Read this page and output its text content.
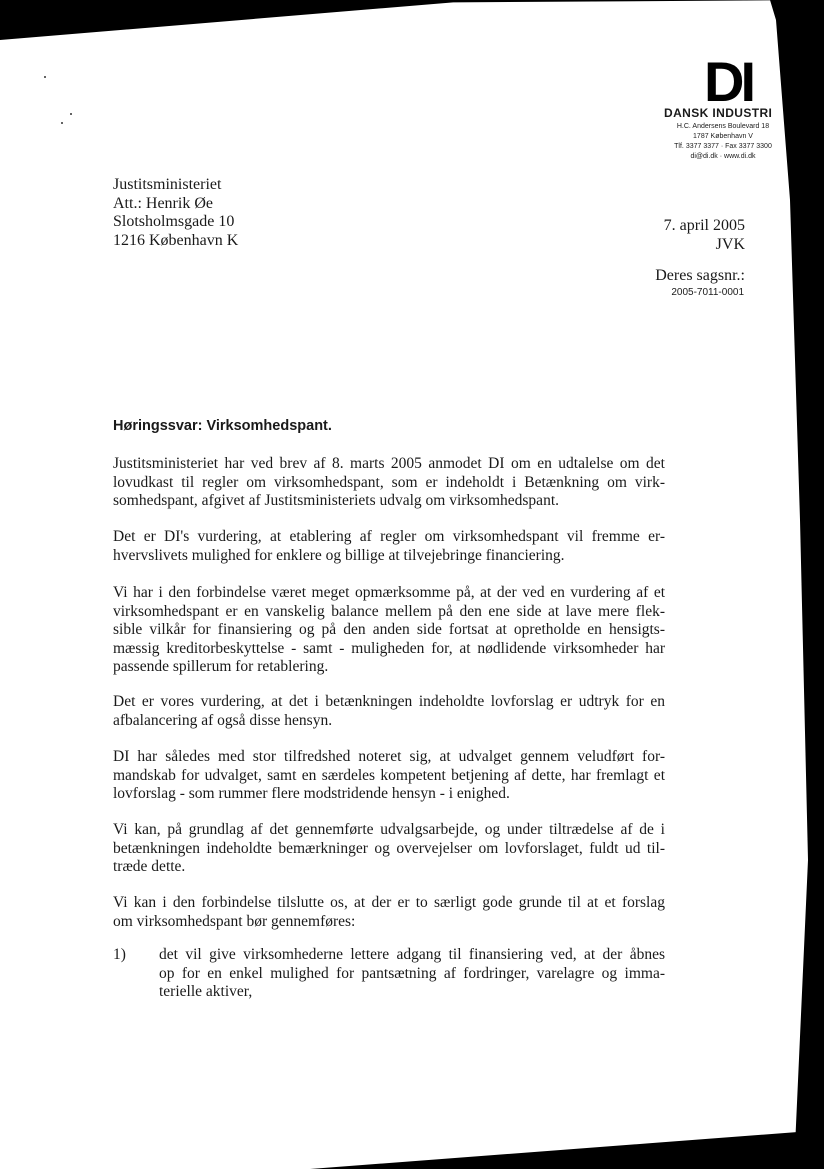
DI
DANSK INDUSTRI
H.C. Andersens Boulevard 18
1787 København V
Tlf. 3377 3377 · Fax 3377 3300
di@di.dk · www.di.dk
Justitsministeriet
Att.: Henrik Øe
Slotsholmsgade 10
1216 København K
7. april 2005
JVK
Deres sagsnr.:
2005-7011-0001
Høringssvar: Virksomhedspant.
Justitsministeriet har ved brev af 8. marts 2005 anmodet DI om en udtalelse om det
lovudkast til regler om virksomhedspant, som er indeholdt i Betænkning om virk-
somhedspant, afgivet af Justitsministeriets udvalg om virksomhedspant.
Det er DI's vurdering, at etablering af regler om virksomhedspant vil fremme er-
hvervslivets mulighed for enklere og billige at tilvejebringe financiering.
Vi har i den forbindelse været meget opmærksomme på, at der ved en vurdering af et
virksomhedspant er en vanskelig balance mellem på den ene side at lave mere flek-
sible vilkår for finansiering og på den anden side fortsat at opretholde en hensigts-
mæssig kreditorbeskyttelse - samt - muligheden for, at nødlidende virksomheder har
passende spillerum for retablering.
Det er vores vurdering, at det i betænkningen indeholdte lovforslag er udtryk for en
afbalancering af også disse hensyn.
DI har således med stor tilfredshed noteret sig, at udvalget gennem veludført for-
mandskab for udvalget, samt en særdeles kompetent betjening af dette, har fremlagt et
lovforslag - som rummer flere modstridende hensyn - i enighed.
Vi kan, på grundlag af det gennemførte udvalgsarbejde, og under tiltrædelse af de i
betænkningen indeholdte bemærkninger og overvejelser om lovforslaget, fuldt ud til-
træde dette.
Vi kan i den forbindelse tilslutte os, at der er to særligt gode grunde til at et forslag
om virksomhedspant bør gennemføres:
1) det vil give virksomhederne lettere adgang til finansiering ved, at der åbnes
op for en enkel mulighed for pantsætning af fordringer, varelagre og imma-
terielle aktiver,
